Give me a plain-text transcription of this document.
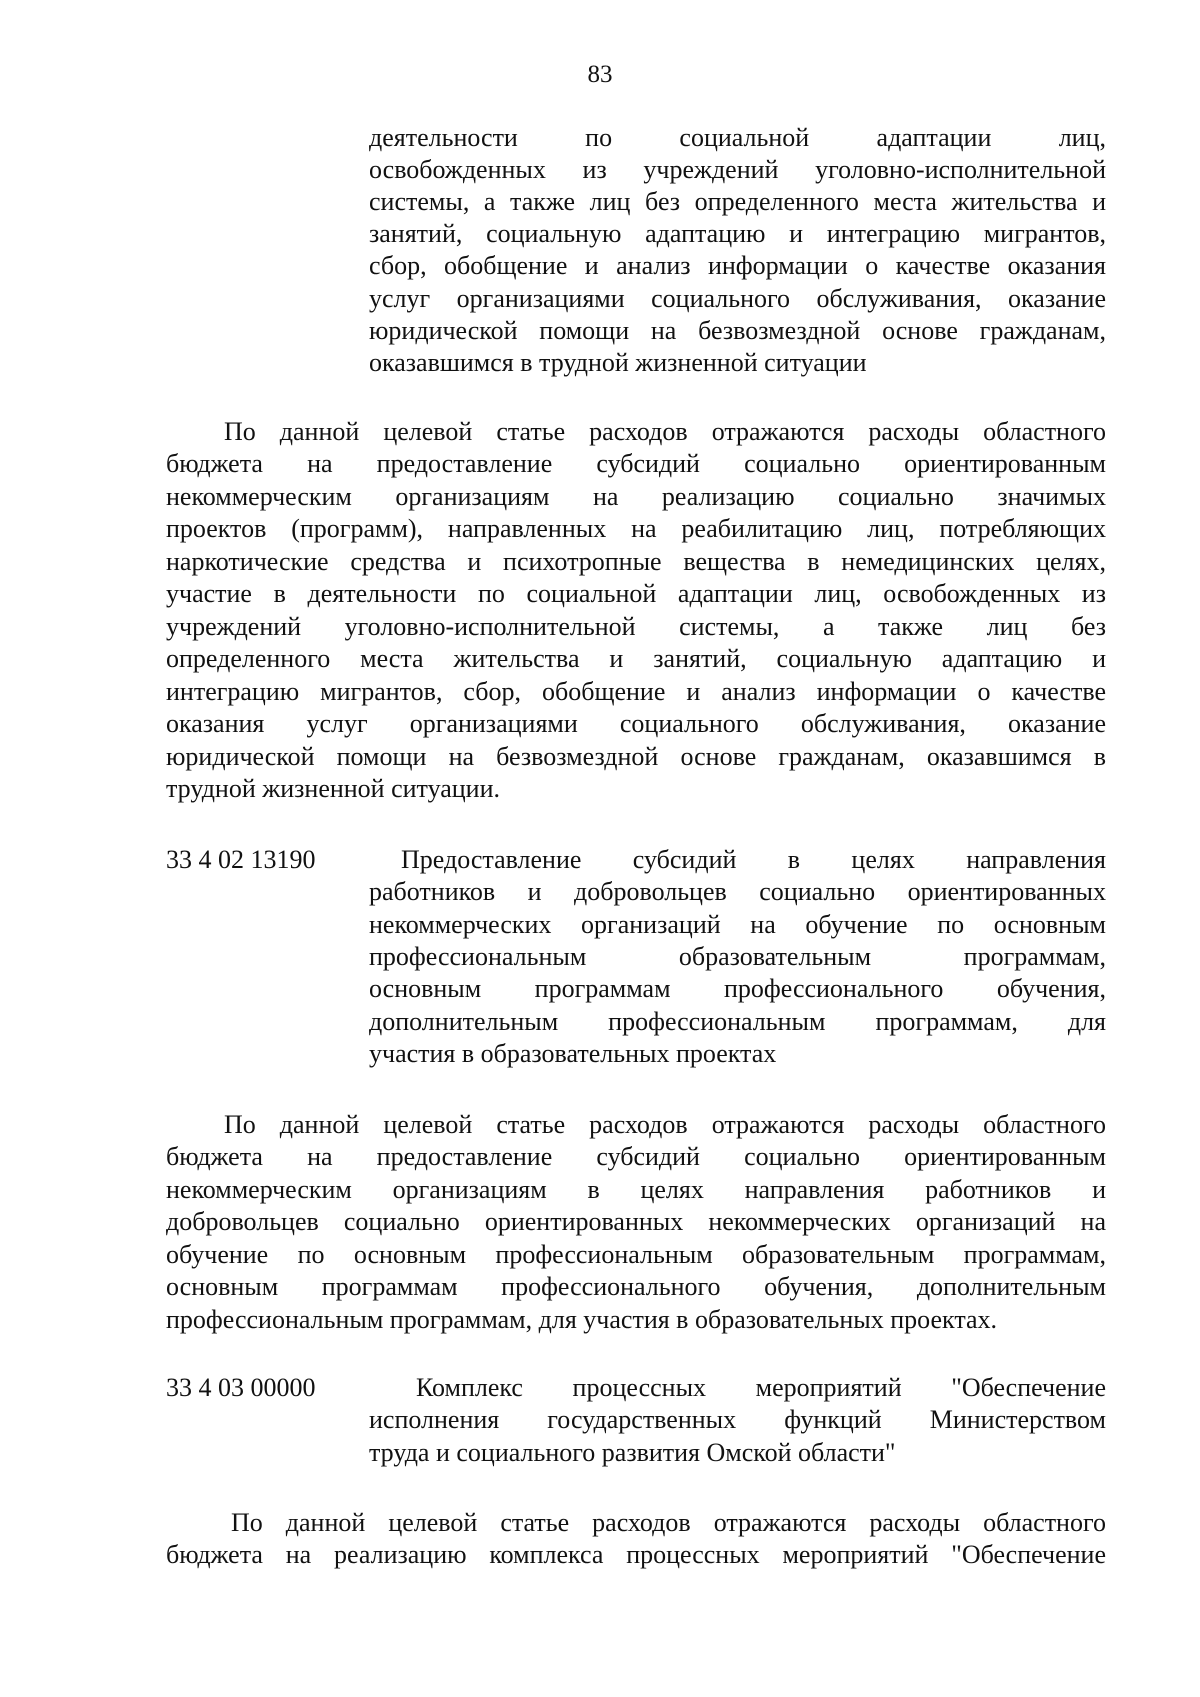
83
деятельности по социальной адаптации лиц,
освобожденных из учреждений уголовно-исполнительной
системы, а также лиц без определенного места жительства и
занятий, социальную адаптацию и интеграцию мигрантов,
сбор, обобщение и анализ информации о качестве оказания
услуг организациями социального обслуживания, оказание
юридической помощи на безвозмездной основе гражданам,
оказавшимся в трудной жизненной ситуации
По данной целевой статье расходов отражаются расходы областного
бюджета на предоставление субсидий социально ориентированным
некоммерческим организациям на реализацию социально значимых
проектов (программ), направленных на реабилитацию лиц, потребляющих
наркотические средства и психотропные вещества в немедицинских целях,
участие в деятельности по социальной адаптации лиц, освобожденных из
учреждений уголовно-исполнительной системы, а также лиц без
определенного места жительства и занятий, социальную адаптацию и
интеграцию мигрантов, сбор, обобщение и анализ информации о качестве
оказания услуг организациями социального обслуживания, оказание
юридической помощи на безвозмездной основе гражданам, оказавшимся в
трудной жизненной ситуации.
33 4 02 13190	Предоставление субсидий в целях направления
работников и добровольцев социально ориентированных
некоммерческих организаций на обучение по основным
профессиональным образовательным программам,
основным программам профессионального обучения,
дополнительным профессиональным программам, для
участия в образовательных проектах
По данной целевой статье расходов отражаются расходы областного
бюджета на предоставление субсидий социально ориентированным
некоммерческим организациям в целях направления работников и
добровольцев социально ориентированных некоммерческих организаций на
обучение по основным профессиональным образовательным программам,
основным программам профессионального обучения, дополнительным
профессиональным программам, для участия в образовательных проектах.
33 4 03 00000	Комплекс процессных мероприятий "Обеспечение
исполнения государственных функций Министерством
труда и социального развития Омской области"
По данной целевой статье расходов отражаются расходы областного
бюджета на реализацию комплекса процессных мероприятий "Обеспечение
